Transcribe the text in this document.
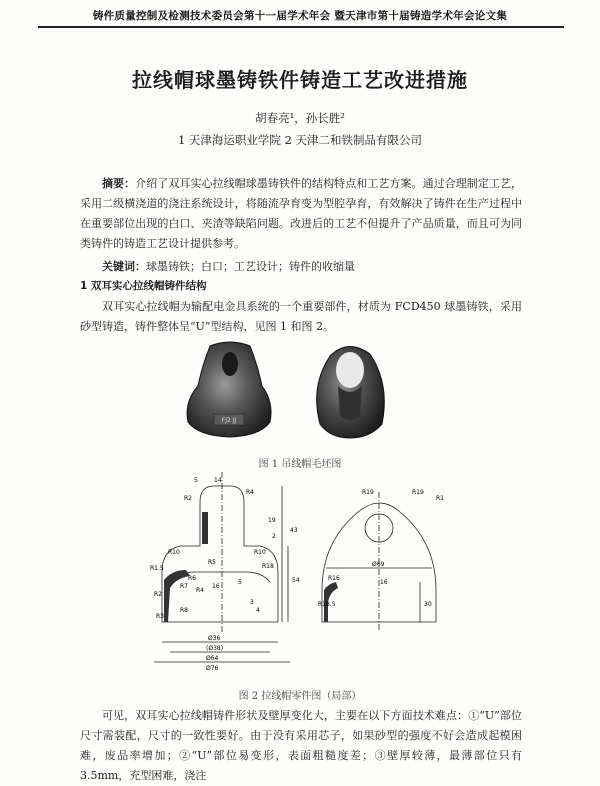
铸件质量控制及检测技术委员会第十一届学术年会 暨天津市第十届铸造学术年会论文集
拉线帽球墨铸铁件铸造工艺改进措施
胡春亮¹，孙长胜²
1 天津海运职业学院 2 天津二和铁制品有限公司
摘要：介绍了双耳实心拉线帽球墨铸铁件的结构特点和工艺方案。通过合理制定工艺，采用二级横浇道的浇注系统设计，将随流孕育变为型腔孕育，有效解决了铸件在生产过程中在重要部位出现的白口、夹渣等缺陷问题。改进后的工艺不但提升了产品质量，而且可为同类铸件的铸造工艺设计提供参考。
关键词：球墨铸铁；白口；工艺设计；铸件的收缩量
1 双耳实心拉线帽铸件结构
双耳实心拉线帽为输配电金具系统的一个重要部件，材质为 FCD450 球墨铸铁，采用砂型铸造，铸件整体呈“U”型结构，见图 1 和图 2。
FJ2 JJ
图 1 吊线帽毛坯图
R2
R4
14
5
19
43
R10
R5
R6
R7
R10
R1.5
R2
R4
R8
R3
16
R18
5
Ø36
(Ø38)
Ø76
Ø64
3
4
2
54
R19	R19
Ø69
R16
R18.5
16
30
R1
图 2 拉线帽零件图（局部）
可见，双耳实心拉线帽铸件形状及壁厚变化大，主要在以下方面技术难点：①“U”部位尺寸需装配，尺寸的一致性要好。由于没有采用芯子，如果砂型的强度不好会造成起模困难，废品率增加；②“U”部位易变形，表面粗糙度差；③壁厚较薄，最薄部位只有 3.5mm，充型困难，浇注
